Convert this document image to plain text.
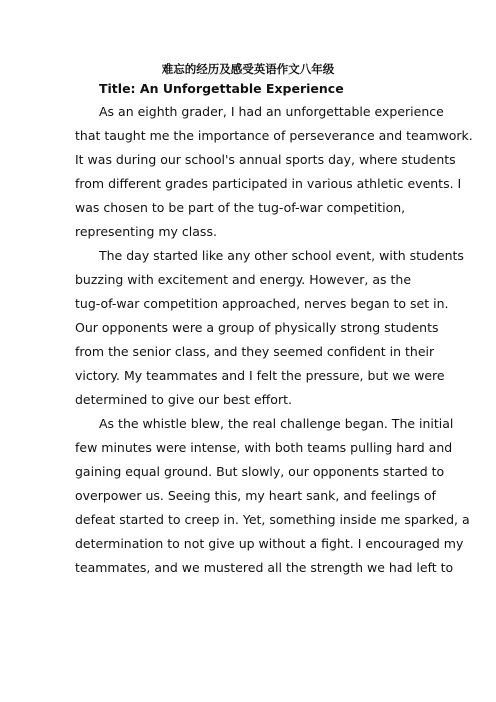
难忘的经历及感受英语作文八年级

Title: An Unforgettable Experience

As an eighth grader, I had an unforgettable experience

that taught me the importance of perseverance and teamwork.

It was during our school's annual sports day, where students

from different grades participated in various athletic events. I

was chosen to be part of the tug-of-war competition,

representing my class.

The day started like any other school event, with students

buzzing with excitement and energy. However, as the

tug-of-war competition approached, nerves began to set in.

Our opponents were a group of physically strong students

from the senior class, and they seemed confident in their

victory. My teammates and I felt the pressure, but we were

determined to give our best effort.

As the whistle blew, the real challenge began. The initial

few minutes were intense, with both teams pulling hard and

gaining equal ground. But slowly, our opponents started to

overpower us. Seeing this, my heart sank, and feelings of

defeat started to creep in. Yet, something inside me sparked, a

determination to not give up without a fight. I encouraged my

teammates, and we mustered all the strength we had left to
